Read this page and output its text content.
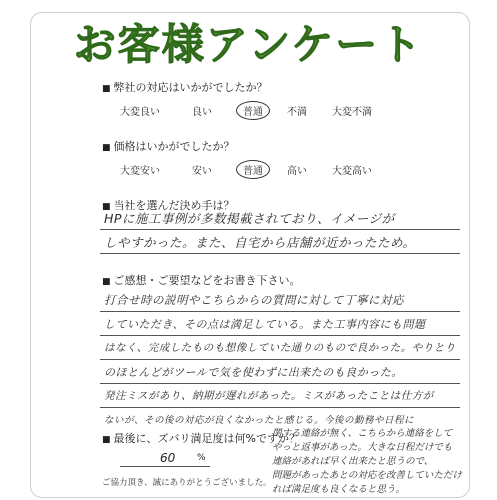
お客様アンケート
■ 弊社の対応はいかがでしたか？
大変良い	良い	普通	不満	大変不満
■ 価格はいかがでしたか？
大変安い	安い	普通	高い	大変高い
■ 当社を選んだ決め手は？
HPに施工事例が多数掲載されており、イメージが
しやすかった。また、自宅から店舗が近かったため。
■ ご感想・ご要望などをお書き下さい。
打合せ時の説明やこちらからの質問に対して丁寧に対応
していただき、その点は満足している。また工事内容にも問題
はなく、完成したものも想像していた通りのもので良かった。やりとり
のほとんどがツールで気を使わずに出来たのも良かった。
発注ミスがあり、納期が遅れがあった。ミスがあったことは仕方が
ないが、その後の対応が良くなかったと感じる。今後の勤務や日程に
関する連絡が無く、こちらから連絡をして
やっと返事があった。大きな日程だけでも
連絡があれば早く出来たと思うので、
問題があったあとの対応を改善していただけ
れば満足度も良くなると思う。
■ 最後に、ズバリ満足度は何%ですか？
60 %
ご協力頂き、誠にありがとうございました。
